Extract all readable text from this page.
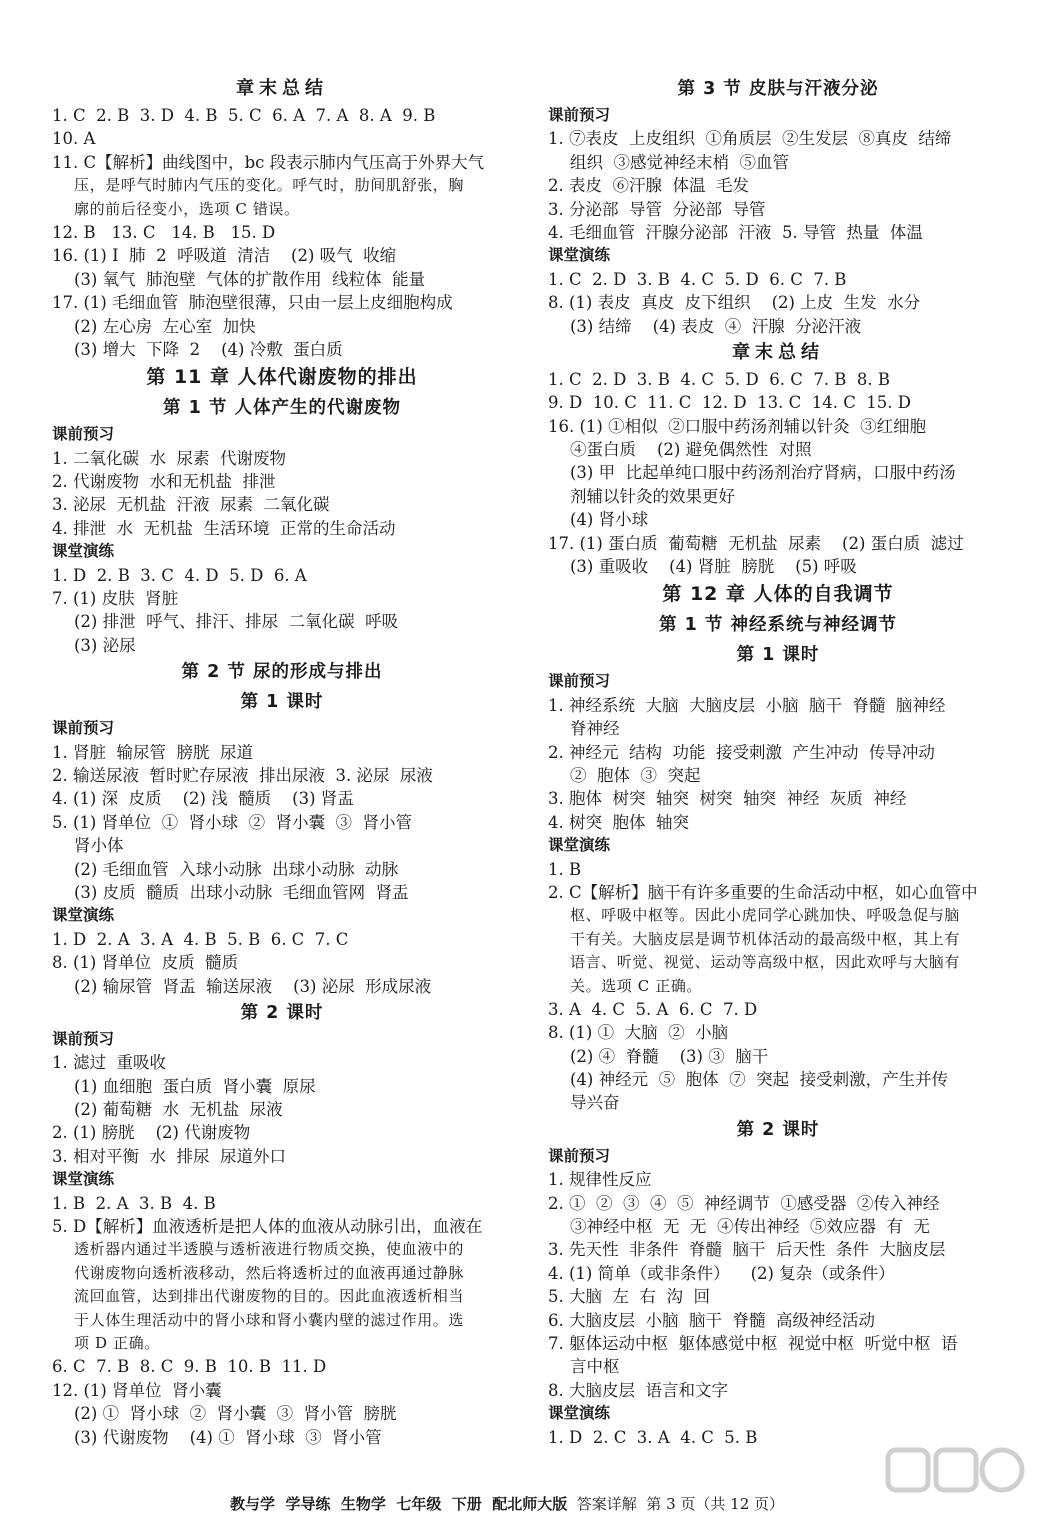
章末总结
1. C  2. B  3. D  4. B  5. C  6. A  7. A  8. A  9. B
10. A
11. C【解析】曲线图中，bc 段表示肺内气压高于外界大气
压，是呼气时肺内气压的变化。呼气时，肋间肌舒张，胸
廓的前后径变小，选项 C 错误。
12. B   13. C   14. B   15. D
16. (1) Ⅰ  肺  2  呼吸道  清洁    (2) 吸气  收缩
(3) 氧气  肺泡壁  气体的扩散作用  线粒体  能量
17. (1) 毛细血管  肺泡壁很薄，只由一层上皮细胞构成
(2) 左心房  左心室  加快
(3) 增大  下降  2    (4) 冷敷  蛋白质
第 11 章 人体代谢废物的排出
第 1 节 人体产生的代谢废物
课前预习
1. 二氧化碳  水  尿素  代谢废物
2. 代谢废物  水和无机盐  排泄
3. 泌尿  无机盐  汗液  尿素  二氧化碳
4. 排泄  水  无机盐  生活环境  正常的生命活动
课堂演练
1. D  2. B  3. C  4. D  5. D  6. A
7. (1) 皮肤  肾脏
(2) 排泄  呼气、排汗、排尿  二氧化碳  呼吸
(3) 泌尿
第 2 节 尿的形成与排出
第 1 课时
课前预习
1. 肾脏  输尿管  膀胱  尿道
2. 输送尿液  暂时贮存尿液  排出尿液  3. 泌尿  尿液
4. (1) 深  皮质    (2) 浅  髓质    (3) 肾盂
5. (1) 肾单位  ①  肾小球  ②  肾小囊  ③  肾小管
肾小体
(2) 毛细血管  入球小动脉  出球小动脉  动脉
(3) 皮质  髓质  出球小动脉  毛细血管网  肾盂
课堂演练
1. D  2. A  3. A  4. B  5. B  6. C  7. C
8. (1) 肾单位  皮质  髓质
(2) 输尿管  肾盂  输送尿液    (3) 泌尿  形成尿液
第 2 课时
课前预习
1. 滤过  重吸收
(1) 血细胞  蛋白质  肾小囊  原尿
(2) 葡萄糖  水  无机盐  尿液
2. (1) 膀胱    (2) 代谢废物
3. 相对平衡  水  排尿  尿道外口
课堂演练
1. B  2. A  3. B  4. B
5. D【解析】血液透析是把人体的血液从动脉引出，血液在
透析器内通过半透膜与透析液进行物质交换，使血液中的
代谢废物向透析液移动，然后将透析过的血液再通过静脉
流回血管，达到排出代谢废物的目的。因此血液透析相当
于人体生理活动中的肾小球和肾小囊内壁的滤过作用。选
项 D 正确。
6. C  7. B  8. C  9. B  10. B  11. D
12. (1) 肾单位  肾小囊
(2) ①  肾小球  ②  肾小囊  ③  肾小管  膀胱
(3) 代谢废物    (4) ①  肾小球  ③  肾小管
第 3 节 皮肤与汗液分泌
课前预习
1. ⑦表皮  上皮组织  ①角质层  ②生发层  ⑧真皮  结缔
组织  ③感觉神经末梢  ⑤血管
2. 表皮  ⑥汗腺  体温  毛发
3. 分泌部  导管  分泌部  导管
4. 毛细血管  汗腺分泌部  汗液  5. 导管  热量  体温
课堂演练
1. C  2. D  3. B  4. C  5. D  6. C  7. B
8. (1) 表皮  真皮  皮下组织    (2) 上皮  生发  水分
(3) 结缔    (4) 表皮  ④  汗腺  分泌汗液
章末总结
1. C  2. D  3. B  4. C  5. D  6. C  7. B  8. B
9. D  10. C  11. C  12. D  13. C  14. C  15. D
16. (1) ①相似  ②口服中药汤剂辅以针灸  ③红细胞
④蛋白质    (2) 避免偶然性  对照
(3) 甲  比起单纯口服中药汤剂治疗肾病，口服中药汤
剂辅以针灸的效果更好
(4) 肾小球
17. (1) 蛋白质  葡萄糖  无机盐  尿素    (2) 蛋白质  滤过
(3) 重吸收    (4) 肾脏  膀胱    (5) 呼吸
第 12 章 人体的自我调节
第 1 节 神经系统与神经调节
第 1 课时
课前预习
1. 神经系统  大脑  大脑皮层  小脑  脑干  脊髓  脑神经
脊神经
2. 神经元  结构  功能  接受刺激  产生冲动  传导冲动
②  胞体  ③  突起
3. 胞体  树突  轴突  树突  轴突  神经  灰质  神经
4. 树突  胞体  轴突
课堂演练
1. B
2. C【解析】脑干有许多重要的生命活动中枢，如心血管中
枢、呼吸中枢等。因此小虎同学心跳加快、呼吸急促与脑
干有关。大脑皮层是调节机体活动的最高级中枢，其上有
语言、听觉、视觉、运动等高级中枢，因此欢呼与大脑有
关。选项 C 正确。
3. A  4. C  5. A  6. C  7. D
8. (1) ①  大脑  ②  小脑
(2) ④  脊髓    (3) ③  脑干
(4) 神经元  ⑤  胞体  ⑦  突起  接受刺激，产生并传
导兴奋
第 2 课时
课前预习
1. 规律性反应
2. ①  ②  ③  ④  ⑤  神经调节  ①感受器  ②传入神经
③神经中枢  无  无  ④传出神经  ⑤效应器  有  无
3. 先天性  非条件  脊髓  脑干  后天性  条件  大脑皮层
4. (1) 简单（或非条件）    (2) 复杂（或条件）
5. 大脑  左  右  沟  回
6. 大脑皮层  小脑  脑干  脊髓  高级神经活动
7. 躯体运动中枢  躯体感觉中枢  视觉中枢  听觉中枢  语
言中枢
8. 大脑皮层  语言和文字
课堂演练
1. D  2. C  3. A  4. C  5. B
教与学  学导练  生物学  七年级  下册  配北师大版  答案详解  第 3 页（共 12 页）
